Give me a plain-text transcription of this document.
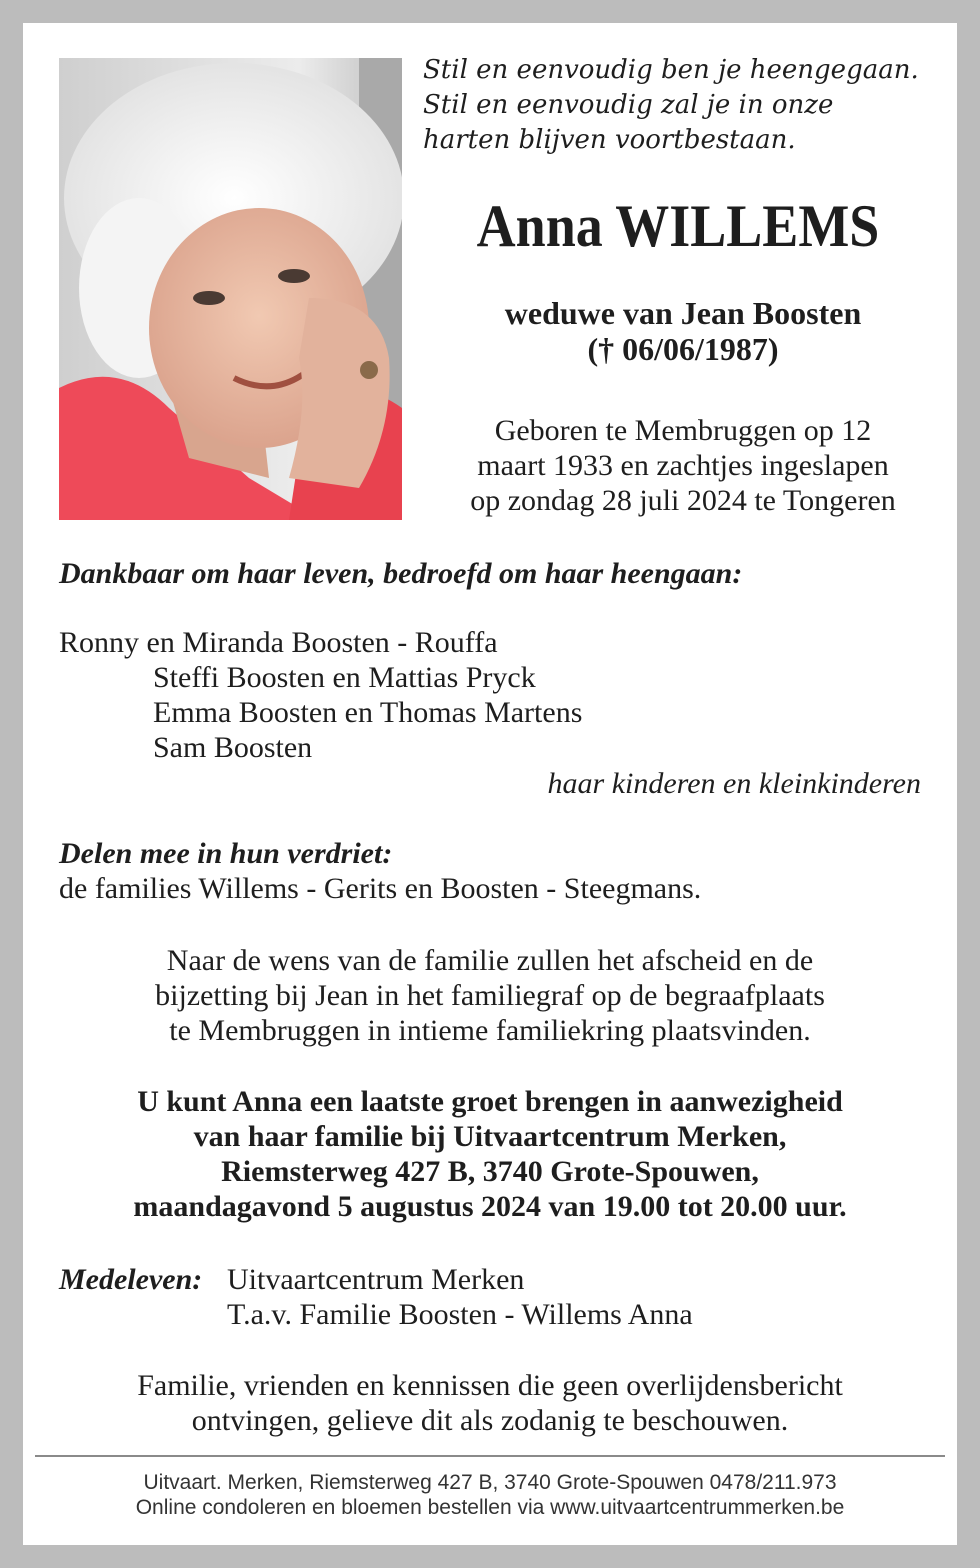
Stil en eenvoudig ben je heengegaan.
Stil en eenvoudig zal je in onze
harten blijven voortbestaan.
Anna WILLEMS
weduwe van Jean Boosten
(† 06/06/1987)
Geboren te Membruggen op 12
maart 1933 en zachtjes ingeslapen
op zondag 28 juli 2024 te Tongeren
Dankbaar om haar leven, bedroefd om haar heengaan:
Ronny en Miranda Boosten - Rouffa
Steffi Boosten en Mattias Pryck
Emma Boosten en Thomas Martens
Sam Boosten
haar kinderen en kleinkinderen
Delen mee in hun verdriet:
de families Willems - Gerits en Boosten - Steegmans.
Naar de wens van de familie zullen het afscheid en de
bijzetting bij Jean in het familiegraf op de begraafplaats
te Membruggen in intieme familiekring plaatsvinden.
U kunt Anna een laatste groet brengen in aanwezigheid
van haar familie bij Uitvaartcentrum Merken,
Riemsterweg 427 B, 3740 Grote-Spouwen,
maandagavond 5 augustus 2024 van 19.00 tot 20.00 uur.
Medeleven: Uitvaartcentrum Merken
T.a.v. Familie Boosten - Willems Anna
Familie, vrienden en kennissen die geen overlijdensbericht
ontvingen, gelieve dit als zodanig te beschouwen.
Uitvaart. Merken, Riemsterweg 427 B, 3740 Grote-Spouwen 0478/211.973
Online condoleren en bloemen bestellen via www.uitvaartcentrummerken.be
